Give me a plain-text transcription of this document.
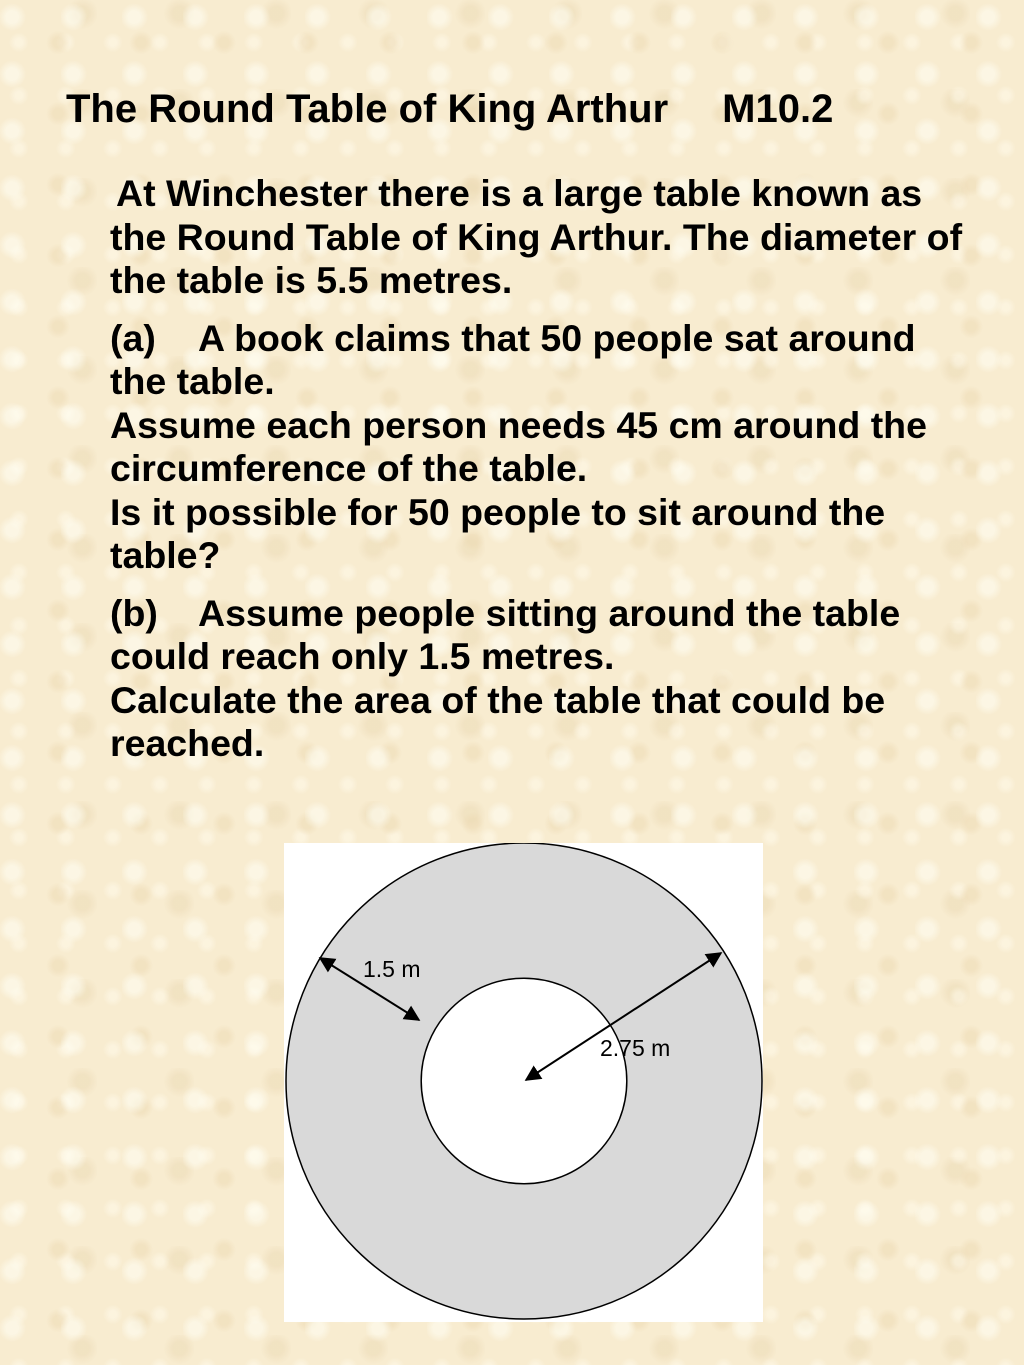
The Round Table of King Arthur M10.2

At Winchester there is a large table known as the Round Table of King Arthur. The diameter of the table is 5.5 metres.

(a) A book claims that 50 people sat around the table.

Assume each person needs 45 cm around the circumference of the table.

Is it possible for 50 people to sit around the table?

(b) Assume people sitting around the table could reach only 1.5 metres.

Calculate the area of the table that could be reached.

1.5 m
2.75 m
